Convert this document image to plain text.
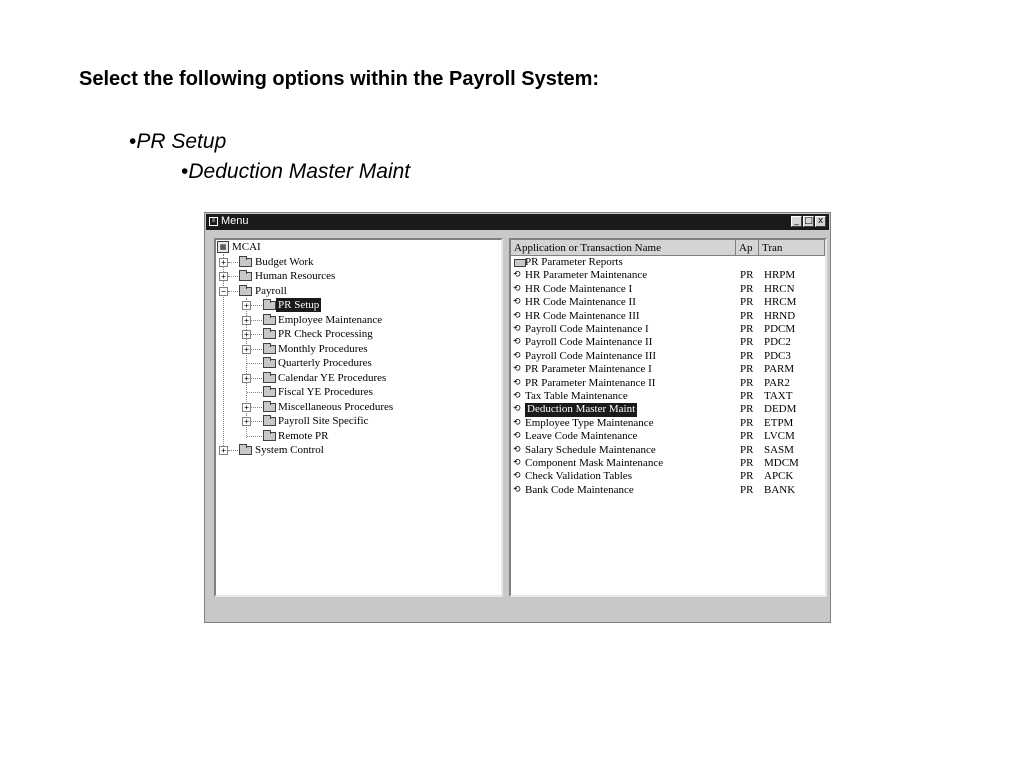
Select the following options within the Payroll System:
•PR Setup
•Deduction Master Maint
≡ Menu	_ □ x
▦ MCAI
+	Budget Work
+	Human Resources
−	Payroll
+	PR Setup
+	Employee Maintenance
+	PR Check Processing
+	Monthly Procedures
Quarterly Procedures
+	Calendar YE Procedures
Fiscal YE Procedures
+	Miscellaneous Procedures
+	Payroll Site Specific
Remote PR
+	System Control
Application or Transaction Name	Ap Tran
PR Parameter Reports
⟲ HR Parameter Maintenance	PR HRPM
⟲ HR Code Maintenance I	PR HRCN
⟲ HR Code Maintenance II	PR HRCM
⟲ HR Code Maintenance III	PR HRND
⟲ Payroll Code Maintenance I	PR PDCM
⟲ Payroll Code Maintenance II	PR PDC2
⟲ Payroll Code Maintenance III	PR PDC3
⟲ PR Parameter Maintenance I	PR PARM
⟲ PR Parameter Maintenance II	PR PAR2
⟲ Tax Table Maintenance	PR TAXT
⟲ Deduction Master Maint	PR DEDM
⟲ Employee Type Maintenance	PR ETPM
⟲ Leave Code Maintenance	PR LVCM
⟲ Salary Schedule Maintenance	PR SASM
⟲ Component Mask Maintenance	PR MDCM
⟲ Check Validation Tables	PR APCK
⟲ Bank Code Maintenance	PR BANK
